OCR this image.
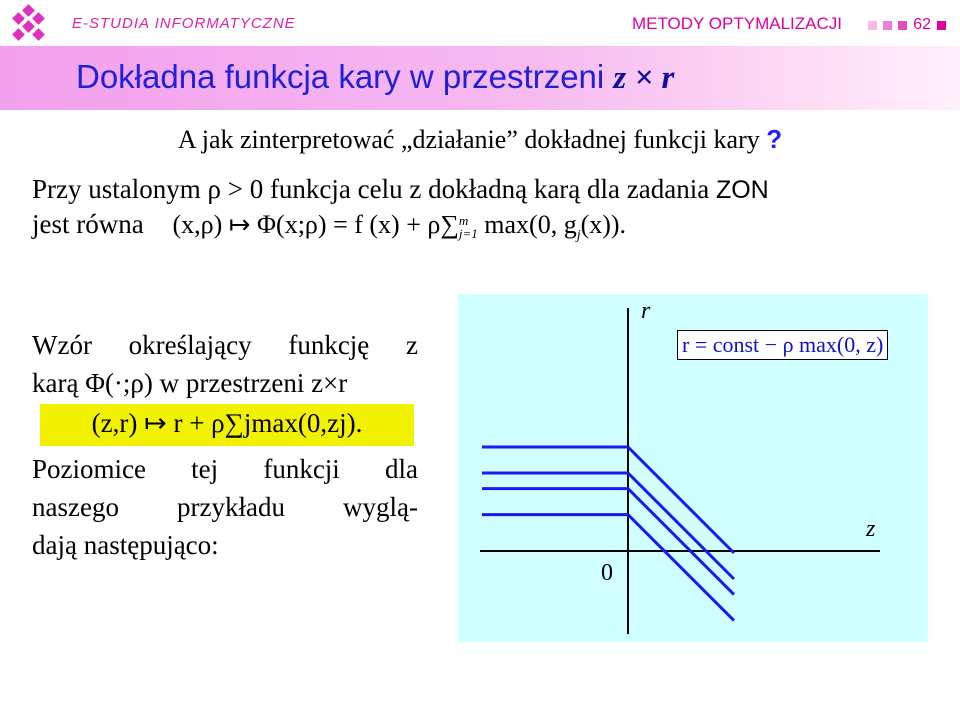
E-STUDIA INFORMATYCZNE	METODY OPTYMALIZACJI	62
Dokładna funkcja kary w przestrzeni z × r
A jak zinterpretować „działanie” dokładnej funkcji kary ?
Przy ustalonym ρ > 0 funkcja celu z dokładną karą dla zadania ZON
jest równa (x,ρ) ↦ Φ(x;ρ) = f (x) + ρ∑ m
j=1 max(0, $g_j(x)$).
Wzór określający funkcję z
karą Φ(·;ρ) w przestrzeni z×r
(z,r) ↦ r + ρ∑jmax(0,zj).
Poziomice tej funkcji dla
naszego przykładu wyglą-
dają następująco:
r
z
0
r = const − ρ max(0, z)
